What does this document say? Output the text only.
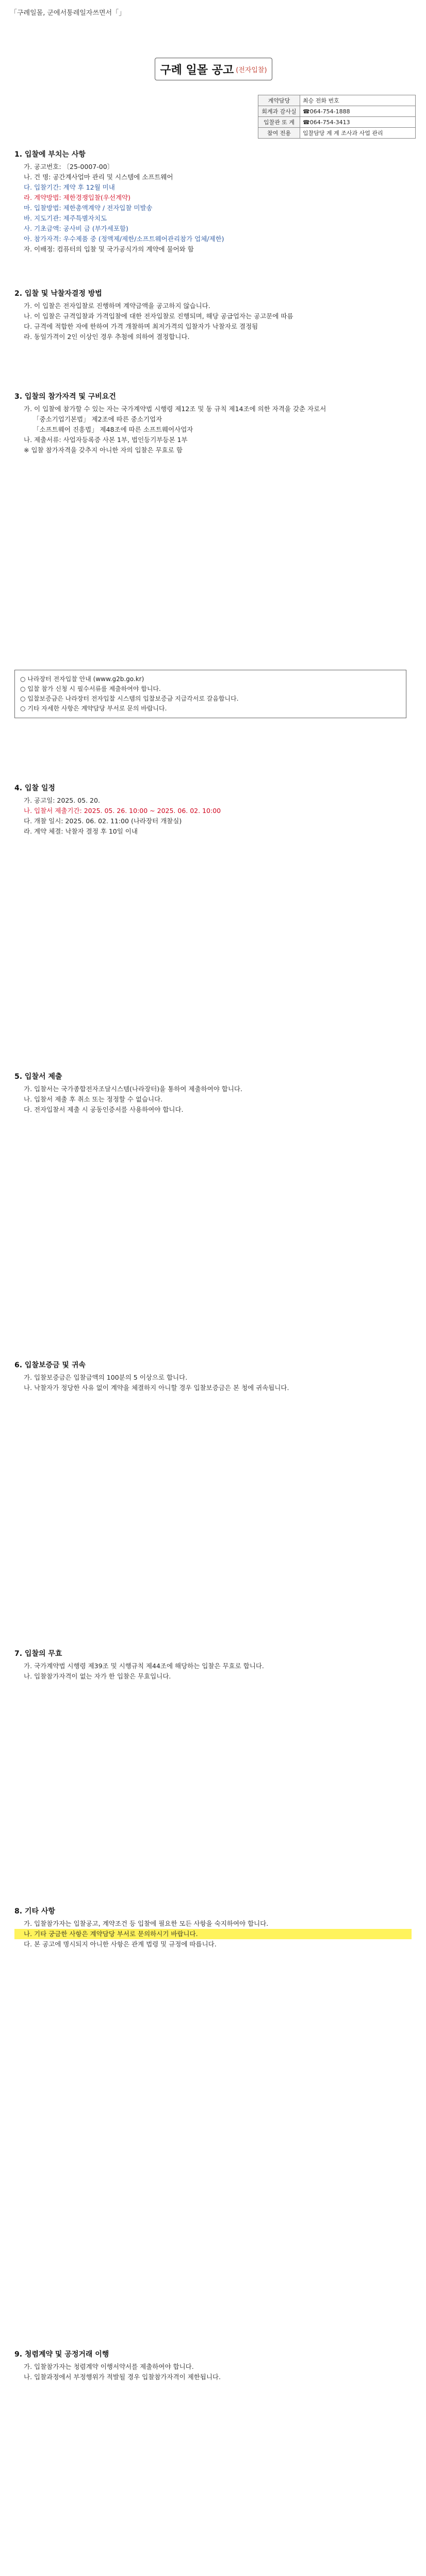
「구례일몰, 군에서통레일자쓰면서「」
구례 일몰 공고 (전자입찰)
계약담당	최승 전화 번호
회계과 감사실	☎064-754-1888
입찰관 또 계	☎064-754-3413
참여 전용	입찰담당 계 계 조사과 사업 관리
1. 입찰에 부치는 사항

가. 공고번호: 〔25-0007-00〕

나. 건 명: 공간계사업마 관리 및 시스템에 소프트웨어

다. 입찰기간: 계약 후 12월 미내

라. 계약방법: 제한경쟁입찰(우선계약)

마. 입찰방법: 제한총액계약 / 전자입찰 미발송

바. 지도기관: 제주특별자치도

사. 기초금액: 공사비 금 (부가세포함)

아. 참가자격: 우수제품 중 (정액제/제한/소프트웨어관리참가 업체/제한)

자. 이배정: 컴퓨터의 입찰 및 국가공식가의 계약에 물어와 함

2. 입찰 및 낙찰자결정 방법

가. 이 입찰은 전자입찰로 진행하며 계약금액을 공고하지 않습니다.

나. 이 입찰은 규격입찰과 가격입찰에 대한 전자입찰로 진행되며, 해당 공급업자는 공고문에 따름

다. 규격에 적합한 자에 한하여 가격 개찰하며 최저가격의 입찰자가 낙찰자로 결정됨

라. 동일가격이 2인 이상인 경우 추첨에 의하여 결정합니다.

3. 입찰의 참가자격 및 구비요건

가. 이 입찰에 참가할 수 있는 자는 국가계약법 시행령 제12조 및 동 규칙 제14조에 의한 자격을 갖춘 자로서

「중소기업기본법」 제2조에 따른 중소기업자

「소프트웨어 진흥법」 제48조에 따른 소프트웨어사업자

나. 제출서류: 사업자등록증 사본 1부, 법인등기부등본 1부

※ 입찰 참가자격을 갖추지 아니한 자의 입찰은 무효로 함

○ 나라장터 전자입찰 안내 (www.g2b.go.kr)

○ 입찰 참가 신청 시 필수서류를 제출하여야 합니다.

○ 입찰보증금은 나라장터 전자입찰 시스템의 입찰보증금 지급각서로 갈음합니다.

○ 기타 자세한 사항은 계약담당 부서로 문의 바랍니다.

4. 입찰 일정

가. 공고일: 2025. 05. 20.

나. 입찰서 제출기간: 2025. 05. 26. 10:00 ~ 2025. 06. 02. 10:00

다. 개찰 일시: 2025. 06. 02. 11:00 (나라장터 개찰실)

라. 계약 체결: 낙찰자 결정 후 10일 이내

5. 입찰서 제출

가. 입찰서는 국가종합전자조달시스템(나라장터)을 통하여 제출하여야 합니다.

나. 입찰서 제출 후 취소 또는 정정할 수 없습니다.

다. 전자입찰서 제출 시 공동인증서를 사용하여야 합니다.

6. 입찰보증금 및 귀속

가. 입찰보증금은 입찰금액의 100분의 5 이상으로 합니다.

나. 낙찰자가 정당한 사유 없이 계약을 체결하지 아니할 경우 입찰보증금은 본 청에 귀속됩니다.

7. 입찰의 무효

가. 국가계약법 시행령 제39조 및 시행규칙 제44조에 해당하는 입찰은 무효로 합니다.

나. 입찰참가자격이 없는 자가 한 입찰은 무효입니다.

8. 기타 사항

가. 입찰참가자는 입찰공고, 계약조건 등 입찰에 필요한 모든 사항을 숙지하여야 합니다.

나. 기타 궁금한 사항은 계약담당 부서로 문의하시기 바랍니다.

다. 본 공고에 명시되지 아니한 사항은 관계 법령 및 규정에 따릅니다.

9. 청렴계약 및 공정거래 이행

가. 입찰참가자는 청렴계약 이행서약서를 제출하여야 합니다.

나. 입찰과정에서 부정행위가 적발될 경우 입찰참가자격이 제한됩니다.
